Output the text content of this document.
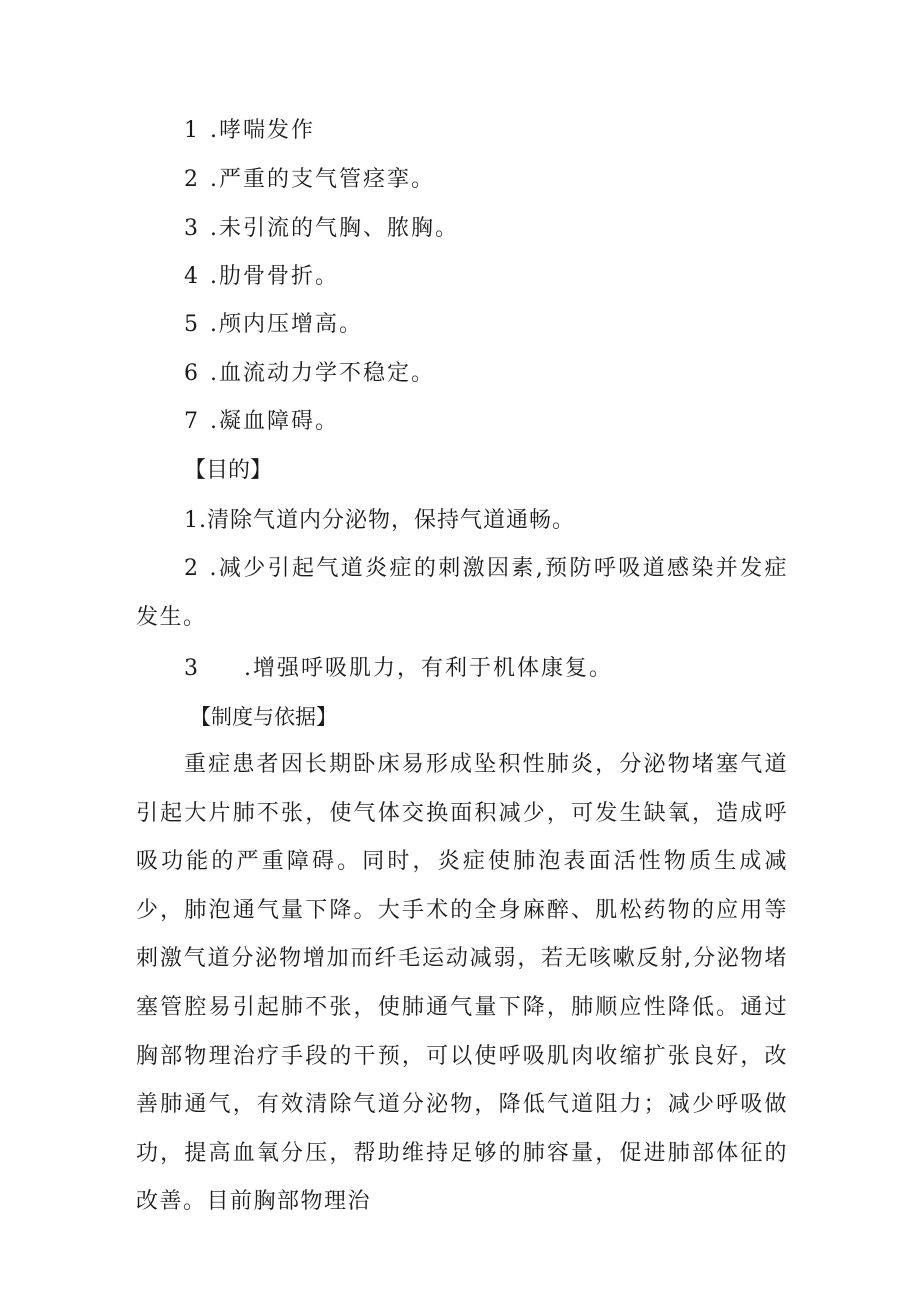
1 .哮喘发作
2 .严重的支气管痉挛。
3 .未引流的气胸、脓胸。
4 .肋骨骨折。
5 .颅内压增高。
6 .血流动力学不稳定。
7 .凝血障碍。
【目的】
1.清除气道内分泌物，保持气道通畅。

2 .减少引起气道炎症的刺激因素,预防呼吸道感染并发症发生。

3 .增强呼吸肌力，有利于机体康复。
【制度与依据】

重症患者因长期卧床易形成坠积性肺炎，分泌物堵塞气道引起大片肺不张，使气体交换面积减少，可发生缺氧，造成呼吸功能的严重障碍。同时，炎症使肺泡表面活性物质生成减少，肺泡通气量下降。大手术的全身麻醉、肌松药物的应用等刺激气道分泌物增加而纤毛运动减弱，若无咳嗽反射,分泌物堵塞管腔易引起肺不张，使肺通气量下降，肺顺应性降低。通过胸部物理治疗手段的干预，可以使呼吸肌肉收缩扩张良好，改善肺通气，有效清除气道分泌物，降低气道阻力；减少呼吸做功，提高血氧分压，帮助维持足够的肺容量，促进肺部体征的改善。目前胸部物理治
